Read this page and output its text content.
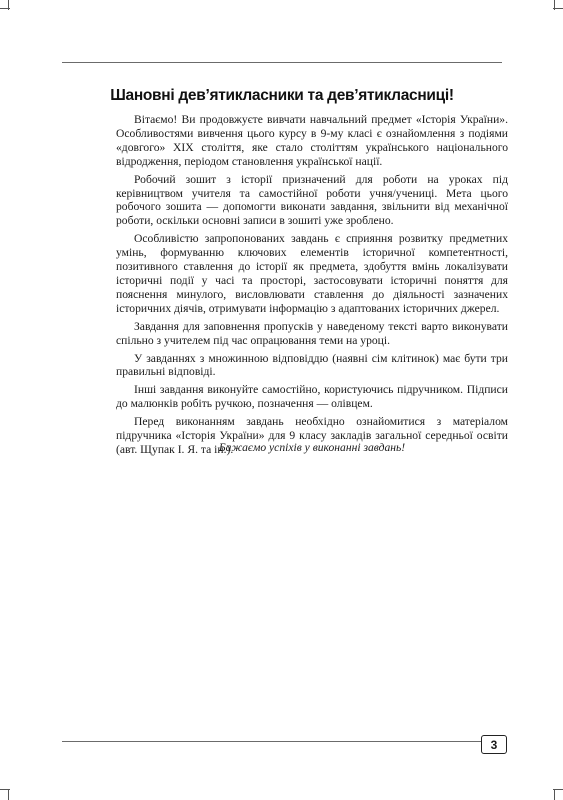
Шановні дев’ятикласники та дев’ятикласниці!

Вітаємо! Ви продовжуєте вивчати навчальний предмет «Історія України». Особливостями вивчення цього курсу в 9-му класі є ознайомлення з подіями «довгого» XIX століття, яке стало століттям українського національного відродження, періодом становлення української нації.

Робочий зошит з історії призначений для роботи на уроках під керівництвом учителя та самостійної роботи учня/учениці. Мета цього робочого зошита — допомогти виконати завдання, звільнити від механічної роботи, оскільки основні записи в зошиті уже зроблено.

Особливістю запропонованих завдань є сприяння розвитку предметних умінь, формуванню ключових елементів історичної компетентності, позитивного ставлення до історії як предмета, здобуття вмінь локалізувати історичні події у часі та просторі, застосовувати історичні поняття для пояснення минулого, висловлювати ставлення до діяльності зазначених історичних діячів, отримувати інформацію з адаптованих історичних джерел.

Завдання для заповнення пропусків у наведеному тексті варто виконувати спільно з учителем під час опрацювання теми на уроці.

У завданнях з множинною відповіддю (наявні сім клітинок) має бути три правильні відповіді.

Інші завдання виконуйте самостійно, користуючись підручником. Підписи до малюнків робіть ручкою, позначення — олівцем.

Перед виконанням завдань необхідно ознайомитися з матеріалом підручника «Історія України» для 9 класу закладів загальної середньої освіти (авт. Щупак І. Я. та ін.).

Бажаємо успіхів у виконанні завдань!

3
